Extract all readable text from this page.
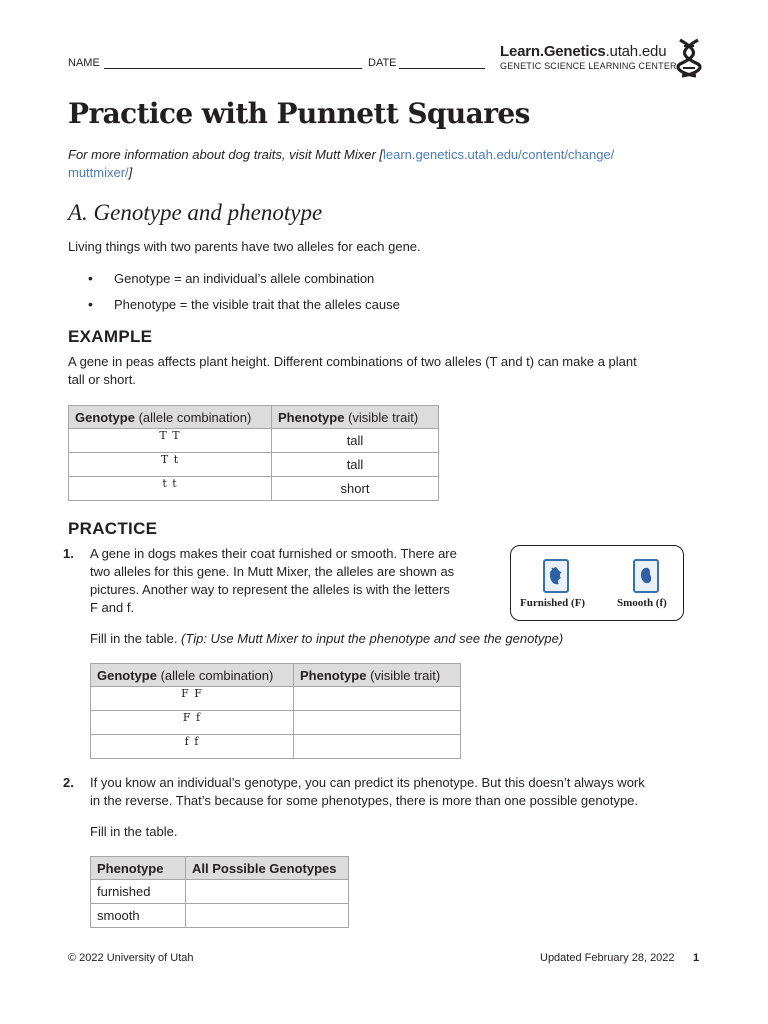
NAME	DATE
Learn.Genetics.utah.edu
GENETIC SCIENCE LEARNING CENTER
Practice with Punnett Squares
For more information about dog traits, visit Mutt Mixer [learn.genetics.utah.edu/content/change/
muttmixer/]
A. Genotype and phenotype
Living things with two parents have two alleles for each gene.
• Genotype = an individual’s allele combination
• Phenotype = the visible trait that the alleles cause
EXAMPLE
A gene in peas affects plant height. Different combinations of two alleles (T and t) can make a plant
tall or short.
Genotype (allele combination)	Phenotype (visible trait)
T T	tall
T t	tall
t t	short
PRACTICE
1. A gene in dogs makes their coat furnished or smooth. There are
two alleles for this gene. In Mutt Mixer, the alleles are shown as
pictures. Another way to represent the alleles is with the letters
F and f.	Furnished (F)	Smooth (f)
Fill in the table. (Tip: Use Mutt Mixer to input the phenotype and see the genotype)
Genotype (allele combination)	Phenotype (visible trait)
F F	
F f	
f f	
2. If you know an individual’s genotype, you can predict its phenotype. But this doesn’t always work
in the reverse. That’s because for some phenotypes, there is more than one possible genotype.
Fill in the table.
Phenotype	All Possible Genotypes
furnished	
smooth	
© 2022 University of Utah	Updated February 28, 2022 1
